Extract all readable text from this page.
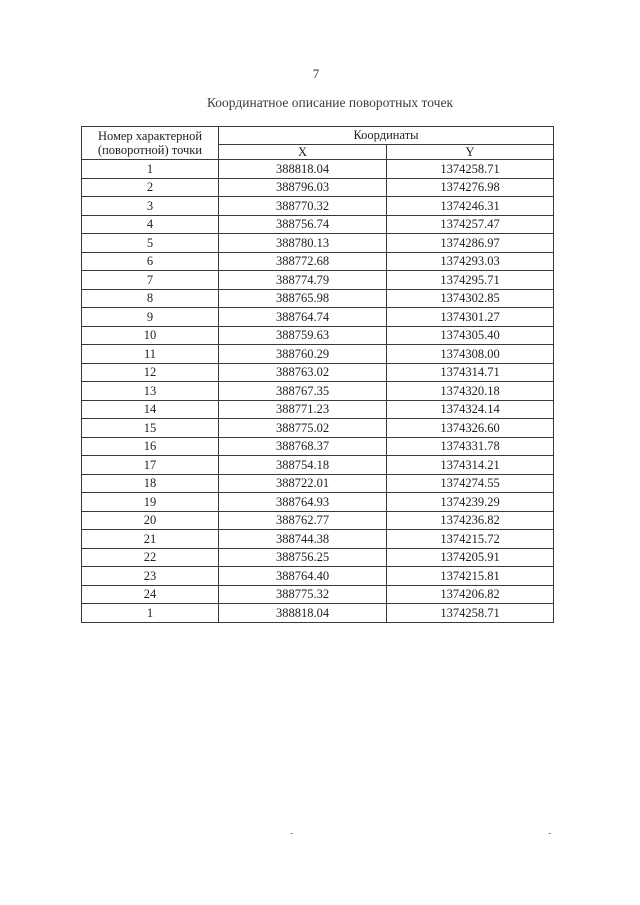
7
Координатное описание поворотных точек
Номер характерной (поворотной) точки	Координаты	
	X	Y
1	388818.04	1374258.71
2	388796.03	1374276.98
3	388770.32	1374246.31
4	388756.74	1374257.47
5	388780.13	1374286.97
6	388772.68	1374293.03
7	388774.79	1374295.71
8	388765.98	1374302.85
9	388764.74	1374301.27
10	388759.63	1374305.40
11	388760.29	1374308.00
12	388763.02	1374314.71
13	388767.35	1374320.18
14	388771.23	1374324.14
15	388775.02	1374326.60
16	388768.37	1374331.78
17	388754.18	1374314.21
18	388722.01	1374274.55
19	388764.93	1374239.29
20	388762.77	1374236.82
21	388744.38	1374215.72
22	388756.25	1374205.91
23	388764.40	1374215.81
24	388775.32	1374206.82
1	388818.04	1374258.71
-	-
